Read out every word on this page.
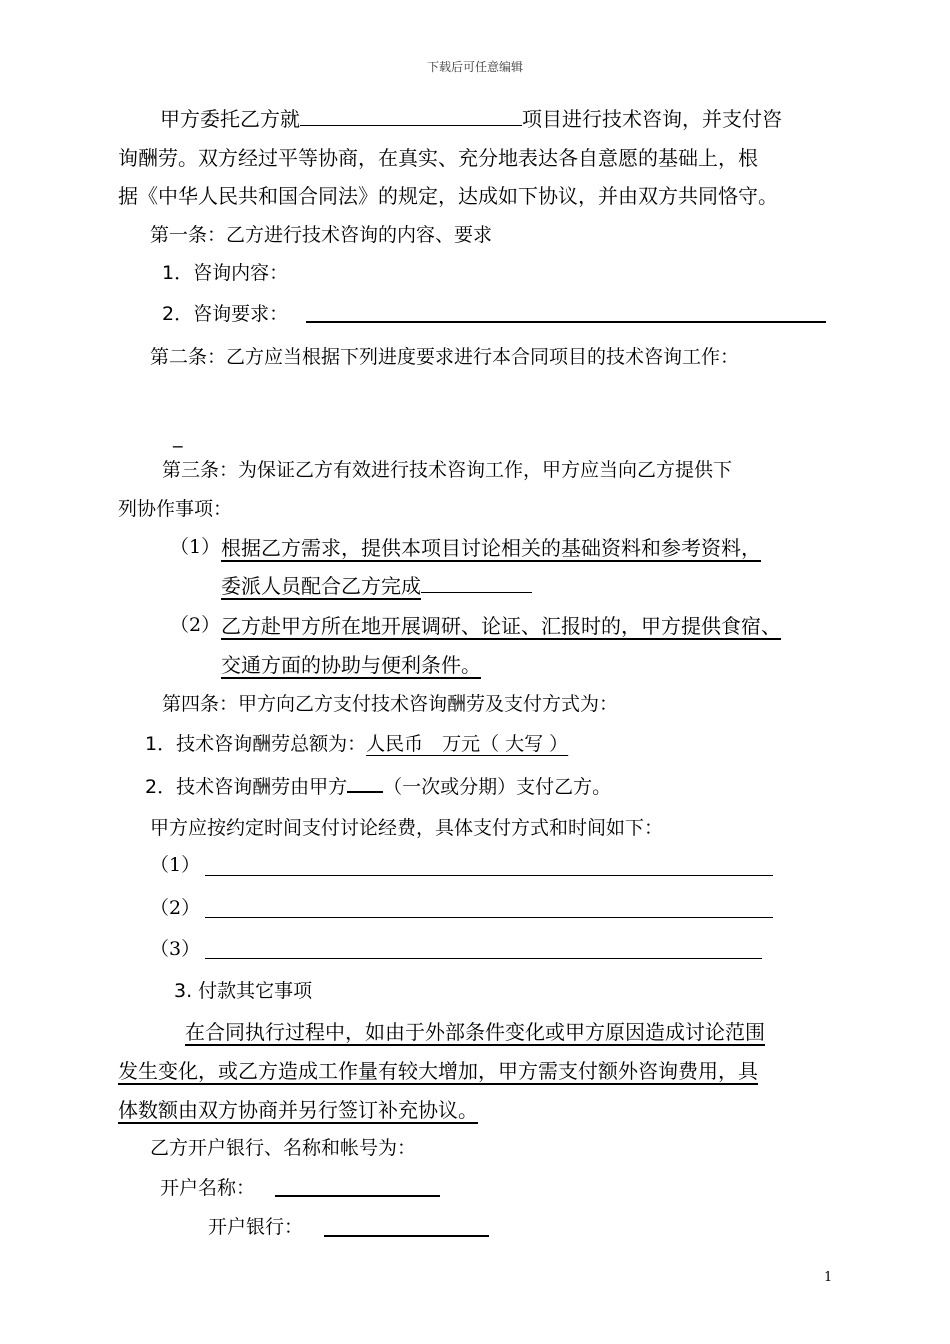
下载后可任意编辑
甲方委托乙方就	项目进行技术咨询，并支付咨
询酬劳。双方经过平等协商，在真实、充分地表达各自意愿的基础上，根
据《中华人民共和国合同法》的规定，达成如下协议，并由双方共同恪守。
第一条：乙方进行技术咨询的内容、要求
1．咨询内容：
2．咨询要求：
第二条：乙方应当根据下列进度要求进行本合同项目的技术咨询工作：
_
第三条：为保证乙方有效进行技术咨询工作，甲方应当向乙方提供下
列协作事项：
（1） 根据乙方需求，提供本项目讨论相关的基础资料和参考资料，
委派人员配合乙方完成
（2） 乙方赴甲方所在地开展调研、论证、汇报时的，甲方提供食宿、
交通方面的协助与便利条件。
第四条：甲方向乙方支付技术咨询酬劳及支付方式为：
1．技术咨询酬劳总额为：人民币　万元（ 大写 ）
2．技术咨询酬劳由甲方 （一次或分期）支付乙方。
甲方应按约定时间支付讨论经费，具体支付方式和时间如下：
（1）
（2）
（3）
3. 付款其它事项
在合同执行过程中，如由于外部条件变化或甲方原因造成讨论范围
发生变化，或乙方造成工作量有较大增加，甲方需支付额外咨询费用，具
体数额由双方协商并另行签订补充协议。
乙方开户银行、名称和帐号为：
开户名称：
开户银行：
1
